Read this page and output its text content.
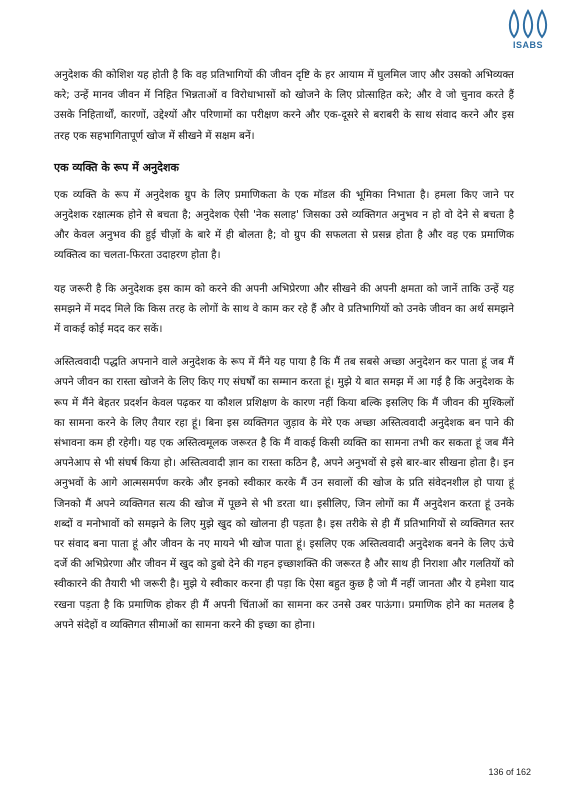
ISABS

अनुदेशक की कोशिश यह होती है कि वह प्रतिभागियों की जीवन दृष्टि के हर आयाम में घुलमिल जाए और उसको अभिव्यक्त करे; उन्हें मानव जीवन में निहित भिन्नताओं व विरोधाभासों को खोजने के लिए प्रोत्साहित करे; और वे जो चुनाव करते हैं उसके निहितार्थों, कारणों, उद्देश्यों और परिणामों का परीक्षण करने और एक-दूसरे से बराबरी के साथ संवाद करने और इस तरह एक सहभागितापूर्ण खोज में सीखने में सक्षम बनें।

एक व्यक्ति के रूप में अनुदेशक

एक व्यक्ति के रूप में अनुदेशक ग्रुप के लिए प्रमाणिकता के एक मॉडल की भूमिका निभाता है। हमला किए जाने पर अनुदेशक रक्षात्मक होने से बचता है; अनुदेशक ऐसी 'नेक सलाह' जिसका उसे व्यक्तिगत अनुभव न हो वो देने से बचता है और केवल अनुभव की हुई चीज़ों के बारे में ही बोलता है; वो ग्रुप की सफलता से प्रसन्न होता है और वह एक प्रमाणिक व्यक्तित्व का चलता-फिरता उदाहरण होता है।

यह जरूरी है कि अनुदेशक इस काम को करने की अपनी अभिप्रेरणा और सीखने की अपनी क्षमता को जानें ताकि उन्हें यह समझने में मदद मिले कि किस तरह के लोगों के साथ वे काम कर रहे हैं और वे प्रतिभागियों को उनके जीवन का अर्थ समझने में वाकई कोई मदद कर सकें।

अस्तित्ववादी पद्धति अपनाने वाले अनुदेशक के रूप में मैंने यह पाया है कि मैं तब सबसे अच्छा अनुदेशन कर पाता हूं जब मैं अपने जीवन का रास्ता खोजने के लिए किए गए संघर्षों का सम्मान करता हूं। मुझे ये बात समझ में आ गई है कि अनुदेशक के रूप में मैंने बेहतर प्रदर्शन केवल पढ़कर या कौशल प्रशिक्षण के कारण नहीं किया बल्कि इसलिए कि मैं जीवन की मुश्किलों का सामना करने के लिए तैयार रहा हूं। बिना इस व्यक्तिगत जुड़ाव के मेरे एक अच्छा अस्तित्ववादी अनुदेशक बन पाने की संभावना कम ही रहेगी। यह एक अस्तित्वमूलक जरूरत है कि मैं वाकई किसी व्यक्ति का सामना तभी कर सकता हूं जब मैंने अपनेआप से भी संघर्ष किया हो। अस्तित्ववादी ज्ञान का रास्ता कठिन है, अपने अनुभवों से इसे बार-बार सीखना होता है। इन अनुभवों के आगे आत्मसमर्पण करके और इनको स्वीकार करके मैं उन सवालों की खोज के प्रति संवेदनशील हो पाया हूं जिनको मैं अपने व्यक्तिगत सत्य की खोज में पूछने से भी डरता था। इसीलिए, जिन लोगों का मैं अनुदेशन करता हूं उनके शब्दों व मनोभावों को समझने के लिए मुझे खुद को खोलना ही पड़ता है। इस तरीके से ही मैं प्रतिभागियों से व्यक्तिगत स्तर पर संवाद बना पाता हूं और जीवन के नए मायने भी खोज पाता हूं। इसलिए एक अस्तित्ववादी अनुदेशक बनने के लिए ऊंचे दर्जे की अभिप्रेरणा और जीवन में खुद को डुबो देने की गहन इच्छाशक्ति की जरूरत है और साथ ही निराशा और गलतियों को स्वीकारने की तैयारी भी जरूरी है। मुझे ये स्वीकार करना ही पड़ा कि ऐसा बहुत कुछ है जो मैं नहीं जानता और ये हमेशा याद रखना पड़ता है कि प्रमाणिक होकर ही मैं अपनी चिंताओं का सामना कर उनसे उबर पाऊंगा। प्रमाणिक होने का मतलब है अपने संदेहों व व्यक्तिगत सीमाओं का सामना करने की इच्छा का होना।

136 of 162
